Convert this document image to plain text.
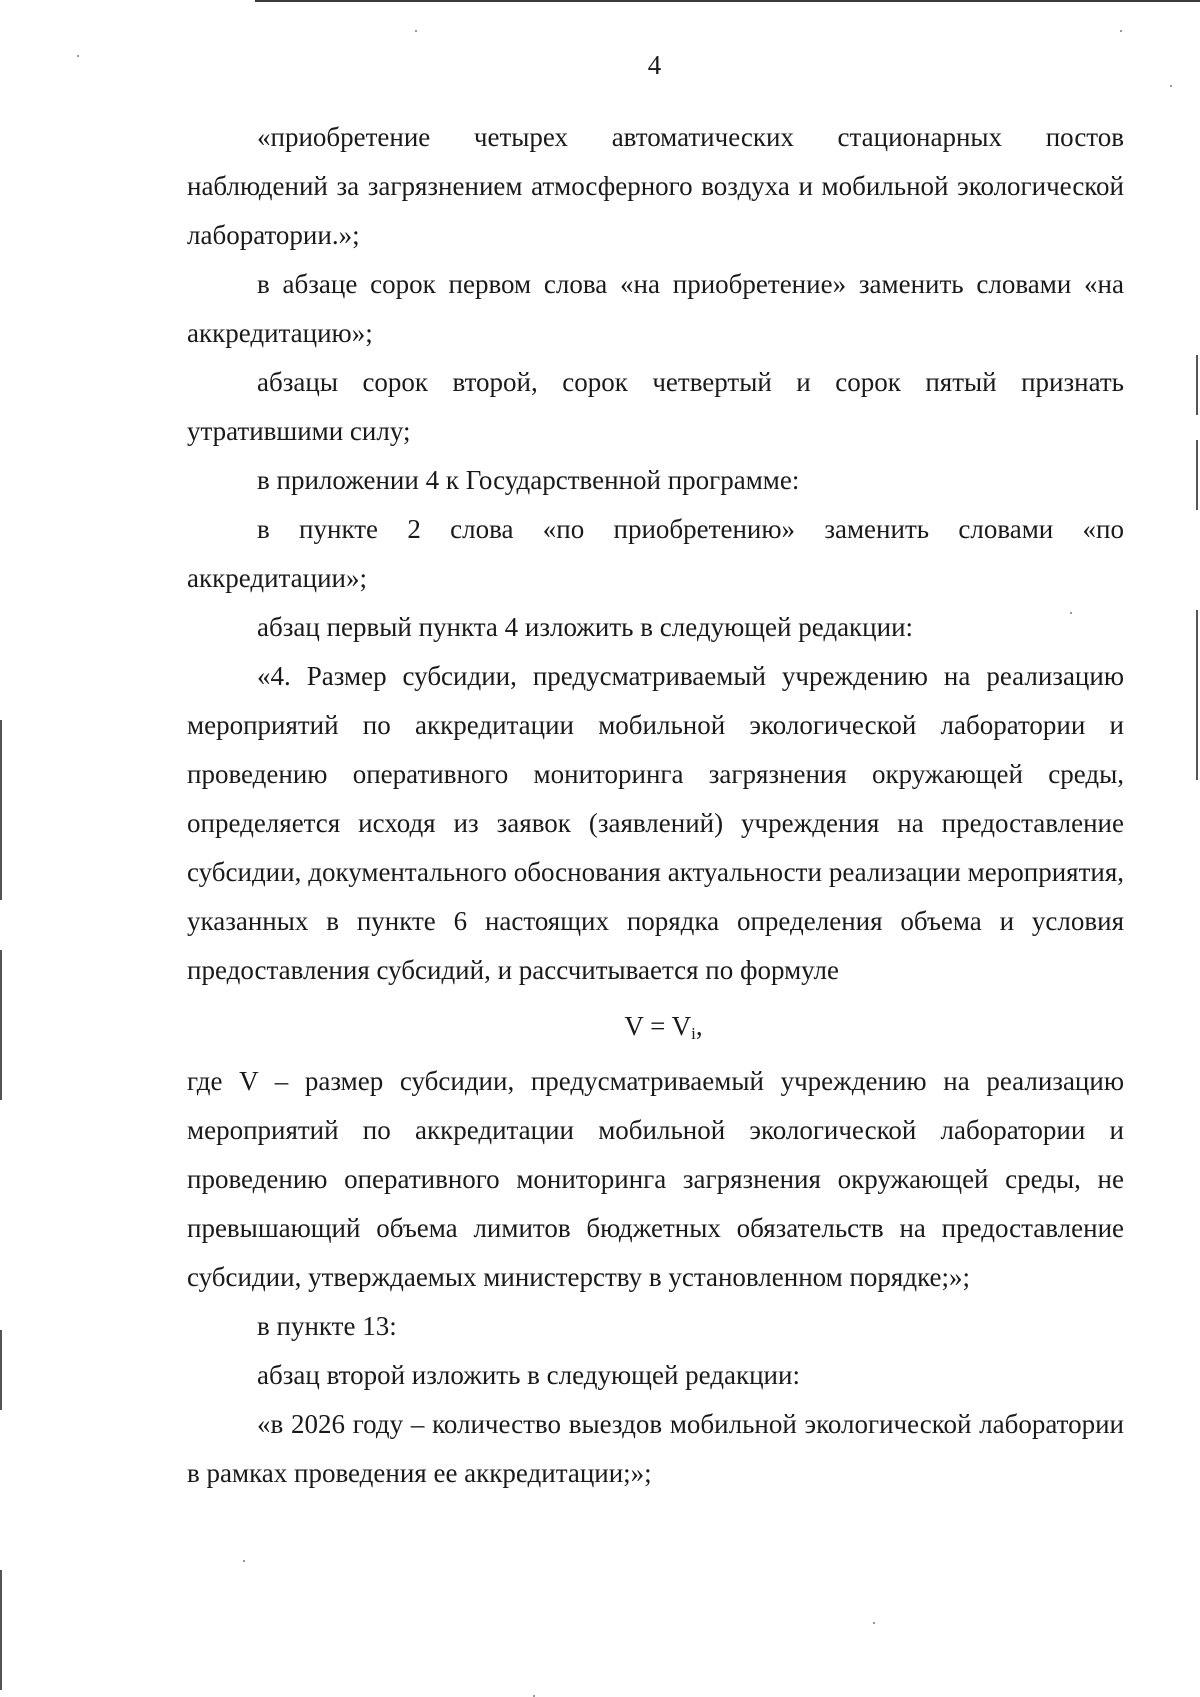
4

«приобретение четырех автоматических стационарных постов наблюдений за загрязнением атмосферного воздуха и мобильной экологической лаборатории.»;

в абзаце сорок первом слова «на приобретение» заменить словами «на аккредитацию»;

абзацы сорок второй, сорок четвертый и сорок пятый признать утратившими силу;

в приложении 4 к Государственной программе:

в пункте 2 слова «по приобретению» заменить словами «по аккредитации»;

абзац первый пункта 4 изложить в следующей редакции:

«4. Размер субсидии, предусматриваемый учреждению на реализацию мероприятий по аккредитации мобильной экологической лаборатории и проведению оперативного мониторинга загрязнения окружающей среды, определяется исходя из заявок (заявлений) учреждения на предоставление субсидии, документального обоснования актуальности реализации мероприятия, указанных в пункте 6 настоящих порядка определения объема и условия предоставления субсидий, и рассчитывается по формуле

$V = V_i$,

где V – размер субсидии, предусматриваемый учреждению на реализацию мероприятий по аккредитации мобильной экологической лаборатории и проведению оперативного мониторинга загрязнения окружающей среды, не превышающий объема лимитов бюджетных обязательств на предоставление субсидии, утверждаемых министерству в установленном порядке;»;

в пункте 13:

абзац второй изложить в следующей редакции:

«в 2026 году – количество выездов мобильной экологической лаборатории в рамках проведения ее аккредитации;»;
